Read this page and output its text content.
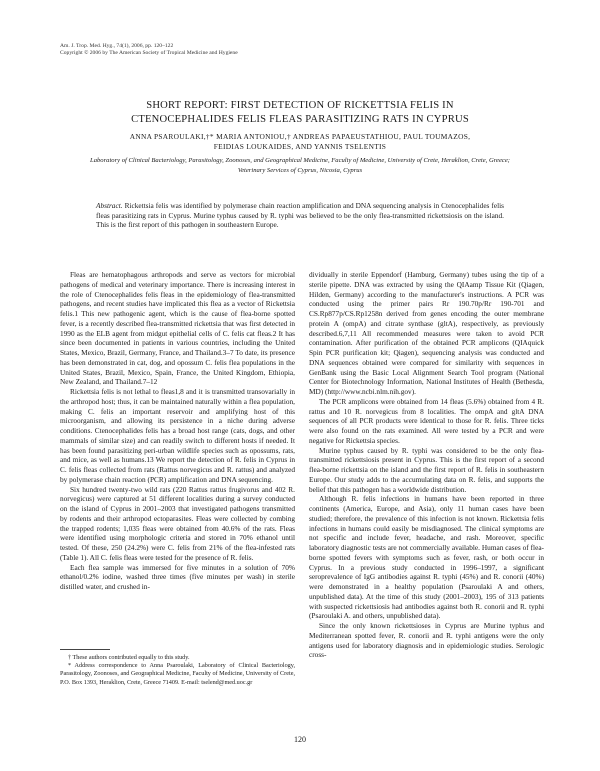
Am. J. Trop. Med. Hyg., 74(1), 2006, pp. 120–122
Copyright © 2006 by The American Society of Tropical Medicine and Hygiene
SHORT REPORT: FIRST DETECTION OF RICKETTSIA FELIS IN
CTENOCEPHALIDES FELIS FLEAS PARASITIZING RATS IN CYPRUS
ANNA PSAROULAKI,†* MARIA ANTONIOU,† ANDREAS PAPAEUSTATHIOU, PAUL TOUMAZOS,
FEIDIAS LOUKAIDES, AND YANNIS TSELENTIS
Laboratory of Clinical Bacteriology, Parasitology, Zoonoses, and Geographical Medicine, Faculty of Medicine, University of Crete, Heraklion, Crete, Greece; Veterinary Services of Cyprus, Nicosia, Cyprus
Abstract. Rickettsia felis was identified by polymerase chain reaction amplification and DNA sequencing analysis in Ctenocephalides felis fleas parasitizing rats in Cyprus. Murine typhus caused by R. typhi was believed to be the only flea-transmitted rickettsiosis on the island. This is the first report of this pathogen in southeastern Europe.

Fleas are hematophagous arthropods and serve as vectors for microbial pathogens of medical and veterinary importance. There is increasing interest in the role of Ctenocephalides felis fleas in the epidemiology of flea-transmitted pathogens, and recent studies have implicated this flea as a vector of Rickettsia felis.1 This new pathogenic agent, which is the cause of flea-borne spotted fever, is a recently described flea-transmitted rickettsia that was first detected in 1990 as the ELB agent from midgut epithelial cells of C. felis cat fleas.2 It has since been documented in patients in various countries, including the United States, Mexico, Brazil, Germany, France, and Thailand.3–7 To date, its presence has been demonstrated in cat, dog, and opossum C. felis flea populations in the United States, Brazil, Mexico, Spain, France, the United Kingdom, Ethiopia, New Zealand, and Thailand.7–12

Rickettsia felis is not lethal to fleas1,8 and it is transmitted transovarially in the arthropod host; thus, it can be maintained naturally within a flea population, making C. felis an important reservoir and amplifying host of this microorganism, and allowing its persistence in a niche during adverse conditions. Ctenocephalides felis has a broad host range (cats, dogs, and other mammals of similar size) and can readily switch to different hosts if needed. It has been found parasitizing peri-urban wildlife species such as opossums, rats, and mice, as well as humans.13 We report the detection of R. felis in Cyprus in C. felis fleas collected from rats (Rattus norvegicus and R. rattus) and analyzed by polymerase chain reaction (PCR) amplification and DNA sequencing.

Six hundred twenty-two wild rats (220 Rattus rattus frugivorus and 402 R. norvegicus) were captured at 51 different localities during a survey conducted on the island of Cyprus in 2001–2003 that investigated pathogens transmitted by rodents and their arthropod ectoparasites. Fleas were collected by combing the trapped rodents; 1,035 fleas were obtained from 40.6% of the rats. Fleas were identified using morphologic criteria and stored in 70% ethanol until tested. Of these, 250 (24.2%) were C. felis from 21% of the flea-infested rats (Table 1). All C. felis fleas were tested for the presence of R. felis.

Each flea sample was immersed for five minutes in a solution of 70% ethanol/0.2% iodine, washed three times (five minutes per wash) in sterile distilled water, and crushed in-

dividually in sterile Eppendorf (Hamburg, Germany) tubes using the tip of a sterile pipette. DNA was extracted by using the QIAamp Tissue Kit (Qiagen, Hilden, Germany) according to the manufacturer's instructions. A PCR was conducted using the primer pairs Rr 190.70p/Rr 190-701 and CS.Rp877p/CS.Rp1258n derived from genes encoding the outer membrane protein A (ompA) and citrate synthase (gltA), respectively, as previously described.6,7,11 All recommended measures were taken to avoid PCR contamination. After purification of the obtained PCR amplicons (QIAquick Spin PCR purification kit; Qiagen), sequencing analysis was conducted and DNA sequences obtained were compared for similarity with sequences in GenBank using the Basic Local Alignment Search Tool program (National Center for Biotechnology Information, National Institutes of Health (Bethesda, MD) (http://www.ncbi.nlm.nih.gov).

The PCR amplicons were obtained from 14 fleas (5.6%) obtained from 4 R. rattus and 10 R. norvegicus from 8 localities. The ompA and gltA DNA sequences of all PCR products were identical to those for R. felis. Three ticks were also found on the rats examined. All were tested by a PCR and were negative for Rickettsia species.

Murine typhus caused by R. typhi was considered to be the only flea-transmitted rickettsiosis present in Cyprus. This is the first report of a second flea-borne rickettsia on the island and the first report of R. felis in southeastern Europe. Our study adds to the accumulating data on R. felis, and supports the belief that this pathogen has a worldwide distribution.

Although R. felis infections in humans have been reported in three continents (America, Europe, and Asia), only 11 human cases have been studied; therefore, the prevalence of this infection is not known. Rickettsia felis infections in humans could easily be misdiagnosed. The clinical symptoms are not specific and include fever, headache, and rash. Moreover, specific laboratory diagnostic tests are not commercially available. Human cases of flea-borne spotted fevers with symptoms such as fever, rash, or both occur in Cyprus. In a previous study conducted in 1996–1997, a significant seroprevalence of IgG antibodies against R. typhi (45%) and R. conorii (40%) were demonstrated in a healthy population (Psaroulaki A and others, unpublished data). At the time of this study (2001–2003), 195 of 313 patients with suspected rickettsiosis had antibodies against both R. conorii and R. typhi (Psaroulaki A. and others, unpublished data).

Since the only known rickettsioses in Cyprus are Murine typhus and Mediterranean spotted fever, R. conorii and R. typhi antigens were the only antigens used for laboratory diagnosis and in epidemiologic studies. Serologic cross-

† These authors contributed equally to this study.

* Address correspondence to Anna Psaroulaki, Laboratory of Clinical Bacteriology, Parasitology, Zoonoses, and Geographical Medicine, Faculty of Medicine, University of Crete, P.O. Box 1393, Heraklion, Crete, Greece 71409. E-mail: tselend@med.uoc.gr

120
